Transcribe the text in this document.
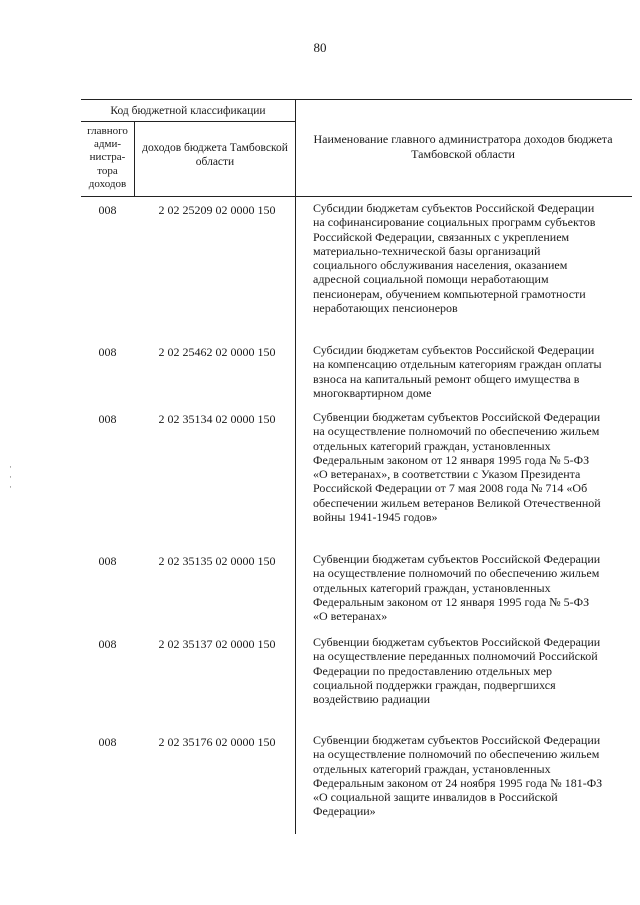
80
Код бюджетной классификации
главного адми-нистра-тора доходов
доходов бюджета Тамбовской области
Наименование главного администратора доходов бюджета Тамбовской области
008	2 02 25209 02 0000 150	Субсидии бюджетам субъектов Российской Федерации на софинансирование социальных программ субъектов Российской Федерации, связанных с укреплением материально-технической базы организаций социального обслуживания населения, оказанием адресной социальной помощи неработающим пенсионерам, обучением компьютерной грамотности неработающих пенсионеров
008	2 02 25462 02 0000 150	Субсидии бюджетам субъектов Российской Федерации на компенсацию отдельным категориям граждан оплаты взноса на капитальный ремонт общего имущества в многоквартирном доме
008	2 02 35134 02 0000 150	Субвенции бюджетам субъектов Российской Федерации на осуществление полномочий по обеспечению жильем отдельных категорий граждан, установленных Федеральным законом от 12 января 1995 года № 5-ФЗ «О ветеранах», в соответствии с Указом Президента Российской Федерации от 7 мая 2008 года № 714 «Об обеспечении жильем ветеранов Великой Отечественной войны 1941-1945 годов»
008	2 02 35135 02 0000 150	Субвенции бюджетам субъектов Российской Федерации на осуществление полномочий по обеспечению жильем отдельных категорий граждан, установленных Федеральным законом от 12 января 1995 года № 5-ФЗ «О ветеранах»
008	2 02 35137 02 0000 150	Субвенции бюджетам субъектов Российской Федерации на осуществление переданных полномочий Российской Федерации по предоставлению отдельных мер социальной поддержки граждан, подвергшихся воздействию радиации
008	2 02 35176 02 0000 150	Субвенции бюджетам субъектов Российской Федерации на осуществление полномочий по обеспечению жильем отдельных категорий граждан, установленных Федеральным законом от 24 ноября 1995 года № 181-ФЗ «О социальной защите инвалидов в Российской Федерации»
·
·
·
